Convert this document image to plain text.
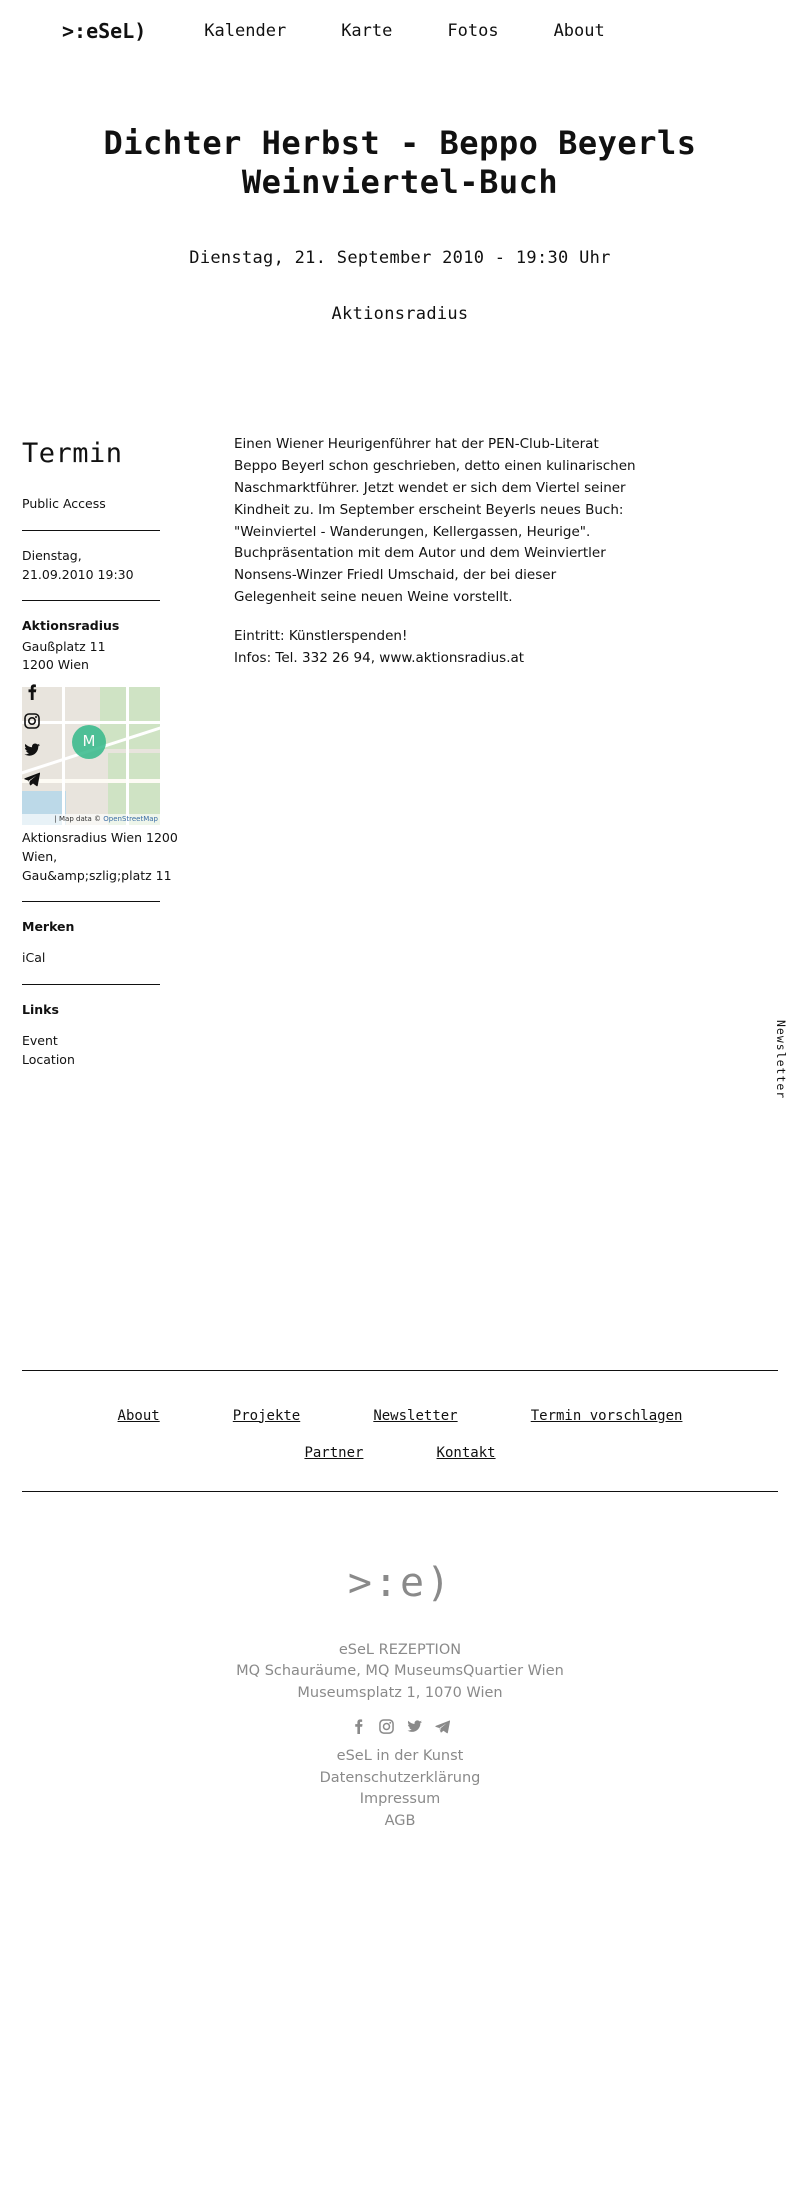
>:eSeL)	Kalender	Karte	Fotos	About
Dichter Herbst - Beppo Beyerls Weinviertel-Buch
Dienstag, 21. September 2010 - 19:30 Uhr
Aktionsradius
Termin
Public Access
Dienstag,
21.09.2010 19:30
Aktionsradius
Gaußplatz 11
1200 Wien
M
| Map data © OpenStreetMap
Aktionsradius Wien 1200 Wien, Gau&amp;szlig;platz 11
Merken
iCal
Links
Event
Location

Einen Wiener Heurigenführer hat der PEN-Club-Literat Beppo Beyerl schon geschrieben, detto einen kulinarischen Naschmarktführer. Jetzt wendet er sich dem Viertel seiner Kindheit zu. Im September erscheint Beyerls neues Buch: "Weinviertel - Wanderungen, Kellergassen, Heurige". Buchpräsentation mit dem Autor und dem Weinviertler Nonsens-Winzer Friedl Umschaid, der bei dieser Gelegenheit seine neuen Weine vorstellt.

Eintritt: Künstlerspenden!
Infos: Tel. 332 26 94, www.aktionsradius.at

Newsletter
About	Projekte	Newsletter	Termin vorschlagen
Partner	Kontakt
>:e)
eSeL REZEPTION
MQ Schauräume, MQ MuseumsQuartier Wien
Museumsplatz 1, 1070 Wien
eSeL in der Kunst
Datenschutzerklärung
Impressum
AGB
